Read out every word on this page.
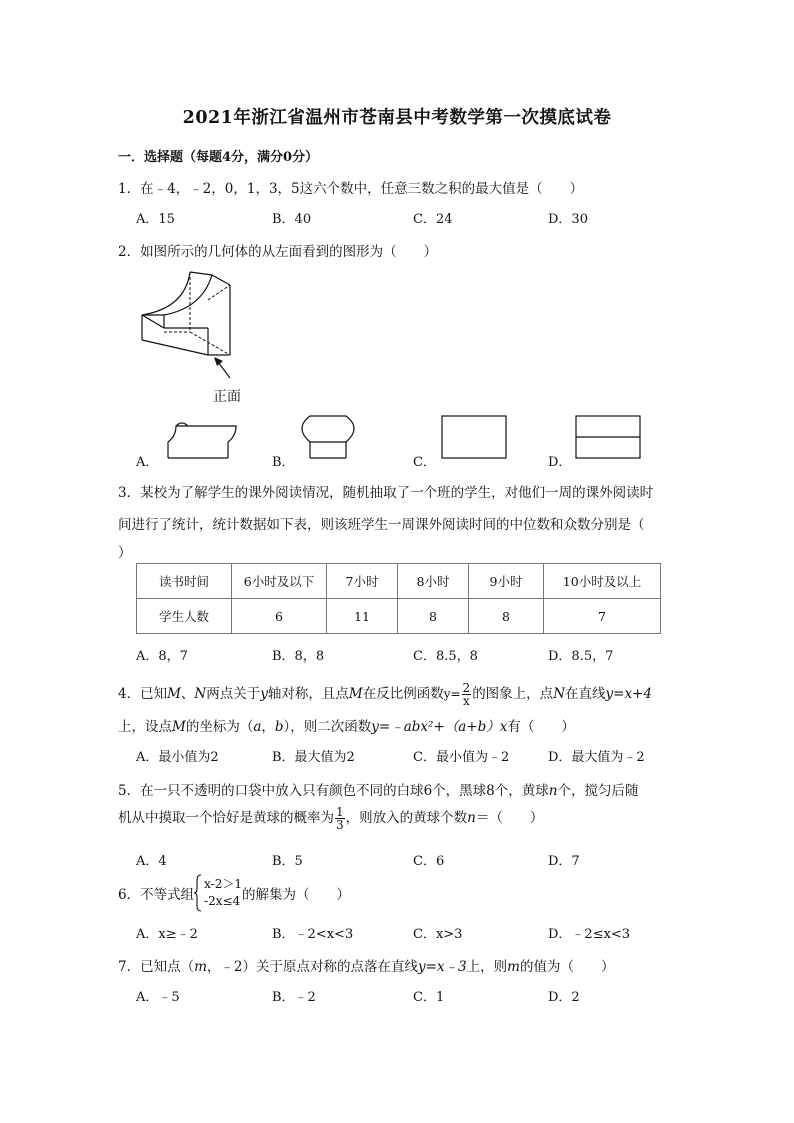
2021年浙江省温州市苍南县中考数学第一次摸底试卷
一．选择题（每题4分，满分0分）
1．在﹣4，﹣2，0，1，3，5这六个数中，任意三数之积的最大值是（　　）
A．15	B．40	C．24	D．30
2．如图所示的几何体的从左面看到的图形为（　　）
正面
A．	B．	C．	D．
3．某校为了解学生的课外阅读情况，随机抽取了一个班的学生，对他们一周的课外阅读时
间进行了统计，统计数据如下表，则该班学生一周课外阅读时间的中位数和众数分别是（
）
读书时间	6小时及以下	7小时	8小时	9小时	10小时及以上
学生人数	6	11	8	8	7
A．8，7	B．8，8	C．8.5，8	D．8.5，7
4．已知M、N两点关于y轴对称，且点M在反比例函数$y= \frac{2}{x}$ 的图象上，点N在直线y=x+4
上，设点M的坐标为（a，b），则二次函数y=﹣abx²+（a+b）x有（　　）
A．最小值为2	B．最大值为2	C．最小值为﹣2	D．最大值为﹣2
5．在一只不透明的口袋中放入只有颜色不同的白球6个，黑球8个，黄球n个，搅匀后随
机从中摸取一个恰好是黄球的概率为 $\frac{1}{3}$ ，则放入的黄球个数n＝（　　）
A．4	B．5	C．6	D．7
6．不等式组
x-2＞1
-2x≤4 的解集为（　　）
A．x≥﹣2	B．﹣2<x<3	C．x>3	D．﹣2≤x<3
7．已知点（m，﹣2）关于原点对称的点落在直线y=x﹣3上，则m的值为（　　）
A．﹣5	B．﹣2	C．1	D．2
